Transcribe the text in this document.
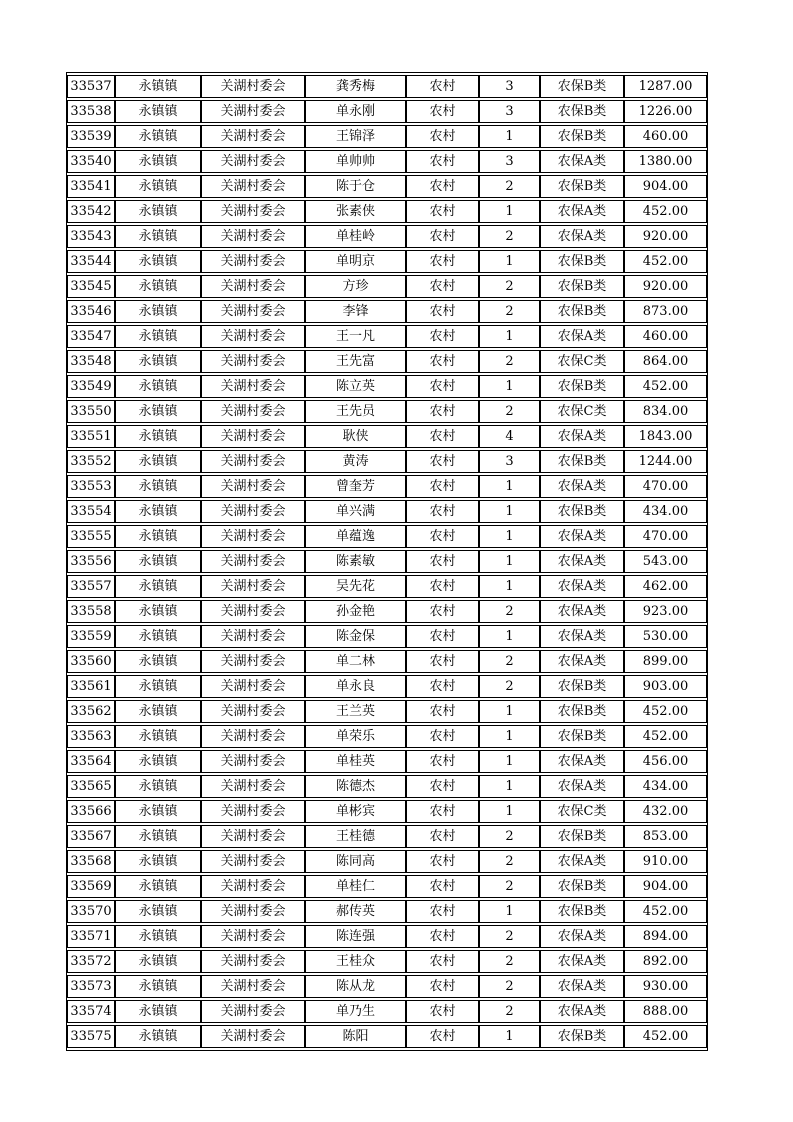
33537	永镇镇	关湖村委会	龚秀梅	农村	3	农保B类	1287.00
33538	永镇镇	关湖村委会	单永刚	农村	3	农保B类	1226.00
33539	永镇镇	关湖村委会	王锦泽	农村	1	农保B类	460.00
33540	永镇镇	关湖村委会	单帅帅	农村	3	农保A类	1380.00
33541	永镇镇	关湖村委会	陈于仓	农村	2	农保B类	904.00
33542	永镇镇	关湖村委会	张素侠	农村	1	农保A类	452.00
33543	永镇镇	关湖村委会	单桂岭	农村	2	农保A类	920.00
33544	永镇镇	关湖村委会	单明京	农村	1	农保B类	452.00
33545	永镇镇	关湖村委会	方珍	农村	2	农保B类	920.00
33546	永镇镇	关湖村委会	李锋	农村	2	农保B类	873.00
33547	永镇镇	关湖村委会	王一凡	农村	1	农保A类	460.00
33548	永镇镇	关湖村委会	王先富	农村	2	农保C类	864.00
33549	永镇镇	关湖村委会	陈立英	农村	1	农保B类	452.00
33550	永镇镇	关湖村委会	王先员	农村	2	农保C类	834.00
33551	永镇镇	关湖村委会	耿侠	农村	4	农保A类	1843.00
33552	永镇镇	关湖村委会	黄涛	农村	3	农保B类	1244.00
33553	永镇镇	关湖村委会	曾奎芳	农村	1	农保A类	470.00
33554	永镇镇	关湖村委会	单兴满	农村	1	农保B类	434.00
33555	永镇镇	关湖村委会	单蕴逸	农村	1	农保A类	470.00
33556	永镇镇	关湖村委会	陈素敏	农村	1	农保A类	543.00
33557	永镇镇	关湖村委会	吴先花	农村	1	农保A类	462.00
33558	永镇镇	关湖村委会	孙金艳	农村	2	农保A类	923.00
33559	永镇镇	关湖村委会	陈金保	农村	1	农保A类	530.00
33560	永镇镇	关湖村委会	单二林	农村	2	农保A类	899.00
33561	永镇镇	关湖村委会	单永良	农村	2	农保B类	903.00
33562	永镇镇	关湖村委会	王兰英	农村	1	农保B类	452.00
33563	永镇镇	关湖村委会	单荣乐	农村	1	农保B类	452.00
33564	永镇镇	关湖村委会	单桂英	农村	1	农保A类	456.00
33565	永镇镇	关湖村委会	陈德杰	农村	1	农保A类	434.00
33566	永镇镇	关湖村委会	单彬宾	农村	1	农保C类	432.00
33567	永镇镇	关湖村委会	王桂德	农村	2	农保B类	853.00
33568	永镇镇	关湖村委会	陈同高	农村	2	农保A类	910.00
33569	永镇镇	关湖村委会	单桂仁	农村	2	农保B类	904.00
33570	永镇镇	关湖村委会	郝传英	农村	1	农保B类	452.00
33571	永镇镇	关湖村委会	陈连强	农村	2	农保A类	894.00
33572	永镇镇	关湖村委会	王桂众	农村	2	农保A类	892.00
33573	永镇镇	关湖村委会	陈从龙	农村	2	农保A类	930.00
33574	永镇镇	关湖村委会	单乃生	农村	2	农保A类	888.00
33575	永镇镇	关湖村委会	陈阳	农村	1	农保B类	452.00
